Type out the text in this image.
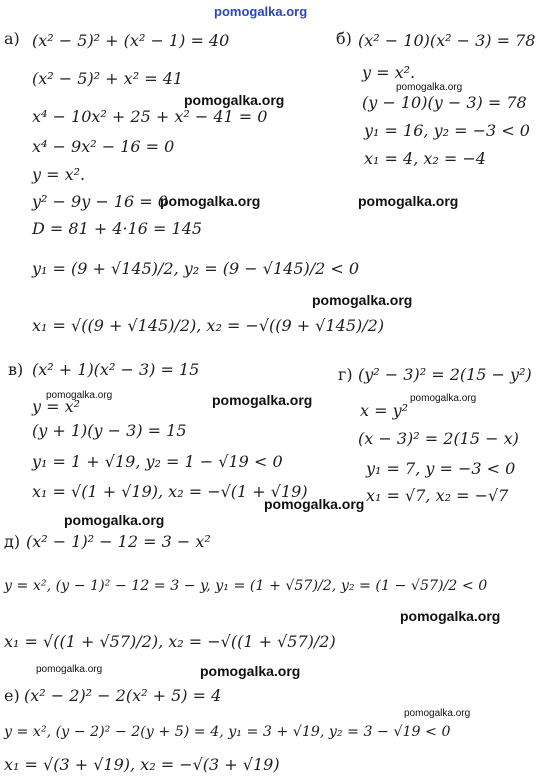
pomogalka.org
а) (x² − 5)² + (x² − 1) = 40
(x² − 5)² + x² = 41
x⁴ − 10x² + 25 + x² − 41 = 0
x⁴ − 9x² − 16 = 0
y = x².
y² − 9y − 16 = 0
D = 81 + 4·16 = 145
y₁ = (9 + √145)/2, y₂ = (9 − √145)/2 < 0
x₁ = √((9 + √145)/2), x₂ = −√((9 + √145)/2)
б) (x² − 10)(x² − 3) = 78
y = x².
(y − 10)(y − 3) = 78
y₁ = 16, y₂ = −3 < 0
x₁ = 4, x₂ = −4
в) (x² + 1)(x² − 3) = 15
y = x²
(y + 1)(y − 3) = 15
y₁ = 1 + √19, y₂ = 1 − √19 < 0
x₁ = √(1 + √19), x₂ = −√(1 + √19)
г) (y² − 3)² = 2(15 − y²)
x = y²
(x − 3)² = 2(15 − x)
y₁ = 7, y = −3 < 0
x₁ = √7, x₂ = −√7
д) (x² − 1)² − 12 = 3 − x²
y = x², (y − 1)² − 12 = 3 − y, y₁ = (1 + √57)/2, y₂ = (1 − √57)/2 < 0
x₁ = √((1 + √57)/2), x₂ = −√((1 + √57)/2)
е) (x² − 2)² − 2(x² + 5) = 4
y = x², (y − 2)² − 2(y + 5) = 4, y₁ = 3 + √19, y₂ = 3 − √19 < 0
x₁ = √(3 + √19), x₂ = −√(3 + √19)
pomogalka.org
pomogalka.org
pomogalka.org	pomogalka.org
pomogalka.org
pomogalka.org	pomogalka.org	pomogalka.org
pomogalka.org
pomogalka.org
pomogalka.org
pomogalka.org	pomogalka.org
pomogalka.org
